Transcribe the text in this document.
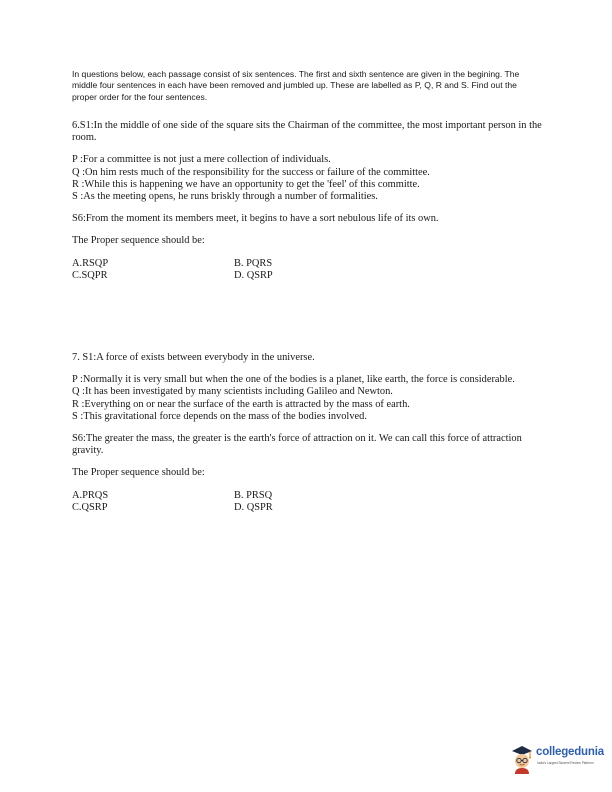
In questions below, each passage consist of six sentences. The first and sixth sentence are given in the begining. The middle four sentences in each have been removed and jumbled up. These are labelled as P, Q, R and S. Find out the proper order for the four sentences.

6.S1:In the middle of one side of the square sits the Chairman of the committee, the most important person in the room.

P :For a committee is not just a mere collection of individuals.

Q :On him rests much of the responsibility for the success or failure of the committee.

R :While this is happening we have an opportunity to get the 'feel' of this committe.

S :As the meeting opens, he runs briskly through a number of formalities.

S6:From the moment its members meet, it begins to have a sort nebulous life of its own.

The Proper sequence should be:

A.RSQP	B. PQRS

C.SQPR	D. QSRP

7. S1:A force of exists between everybody in the universe.

P :Normally it is very small but when the one of the bodies is a planet, like earth, the force is considerable.

Q :It has been investigated by many scientists including Galileo and Newton.

R :Everything on or near the surface of the earth is attracted by the mass of earth.

S :This gravitational force depends on the mass of the bodies involved.

S6:The greater the mass, the greater is the earth's force of attraction on it. We can call this force of attraction gravity.

The Proper sequence should be:

A.PRQS	B. PRSQ

C.QSRP	D. QSPR

collegedunia
India's Largest Student Review Platform
